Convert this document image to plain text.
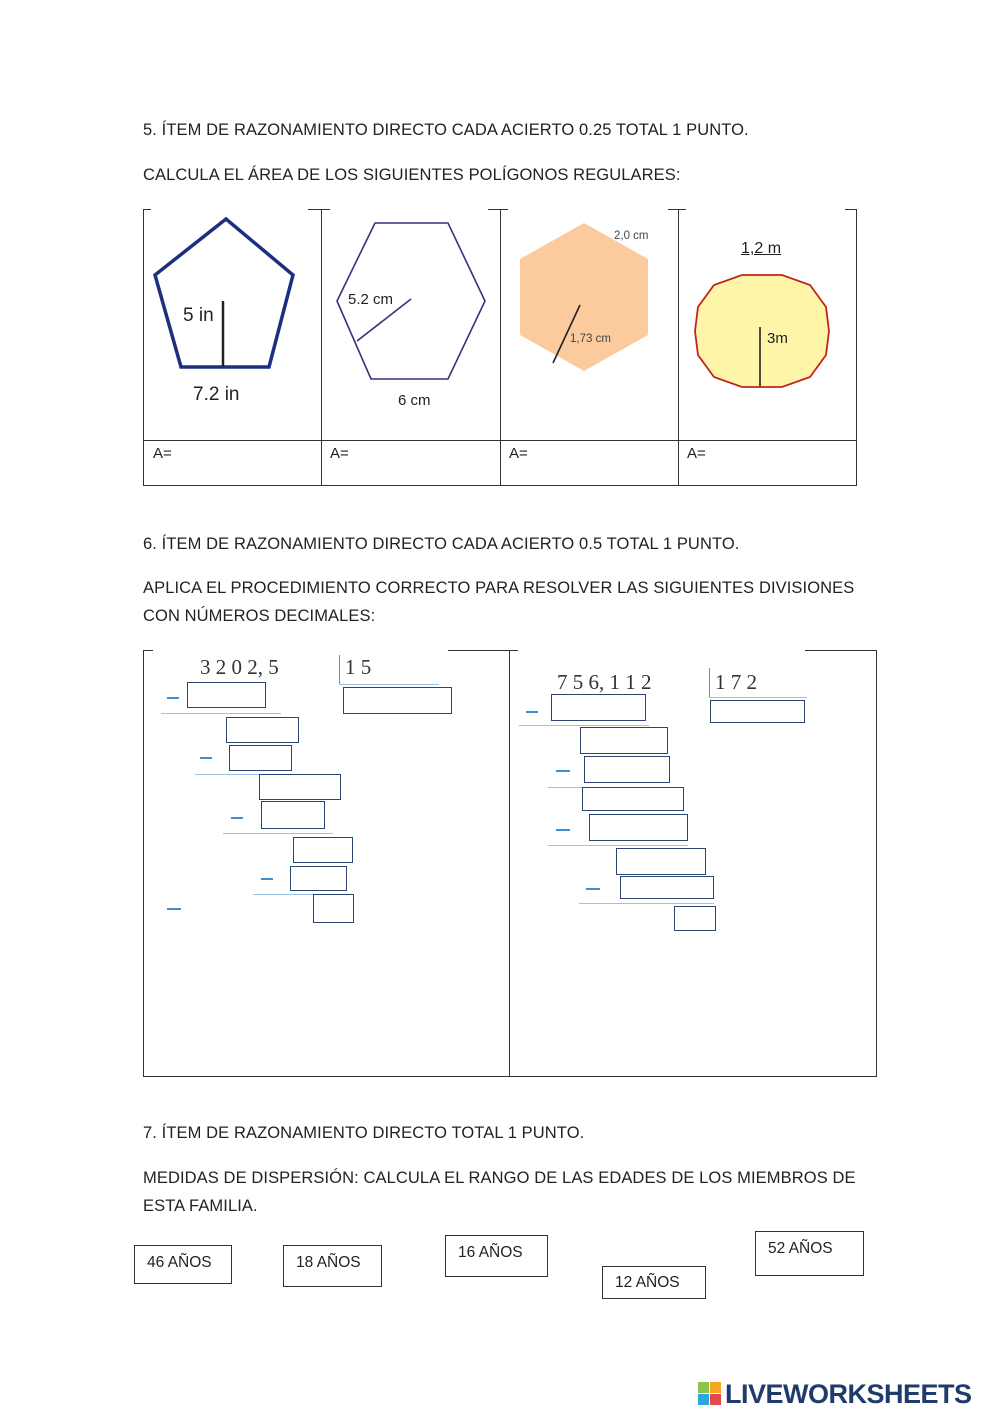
5. ÍTEM DE RAZONAMIENTO DIRECTO CADA ACIERTO 0.25 TOTAL 1 PUNTO.
CALCULA EL ÁREA DE LOS SIGUIENTES POLÍGONOS REGULARES:
5 in
7.2 in
5.2 cm
6 cm
2,0 cm
1,73 cm
1,2 m
3m
A=	A=	A=	A=
6. ÍTEM DE RAZONAMIENTO DIRECTO CADA ACIERTO 0.5 TOTAL 1 PUNTO.
APLICA EL PROCEDIMIENTO CORRECTO PARA RESOLVER LAS SIGUIENTES DIVISIONES
CON NÚMEROS DECIMALES:
3 2 0 2, 5	1 5
7 5 6, 1 1 2	1 7 2
7. ÍTEM DE RAZONAMIENTO DIRECTO TOTAL 1 PUNTO.
MEDIDAS DE DISPERSIÓN: CALCULA EL RANGO DE LAS EDADES DE LOS MIEMBROS DE
ESTA FAMILIA.
46 AÑOS	18 AÑOS
16 AÑOS
12 AÑOS
52 AÑOS
LIVEWORKSHEETS
